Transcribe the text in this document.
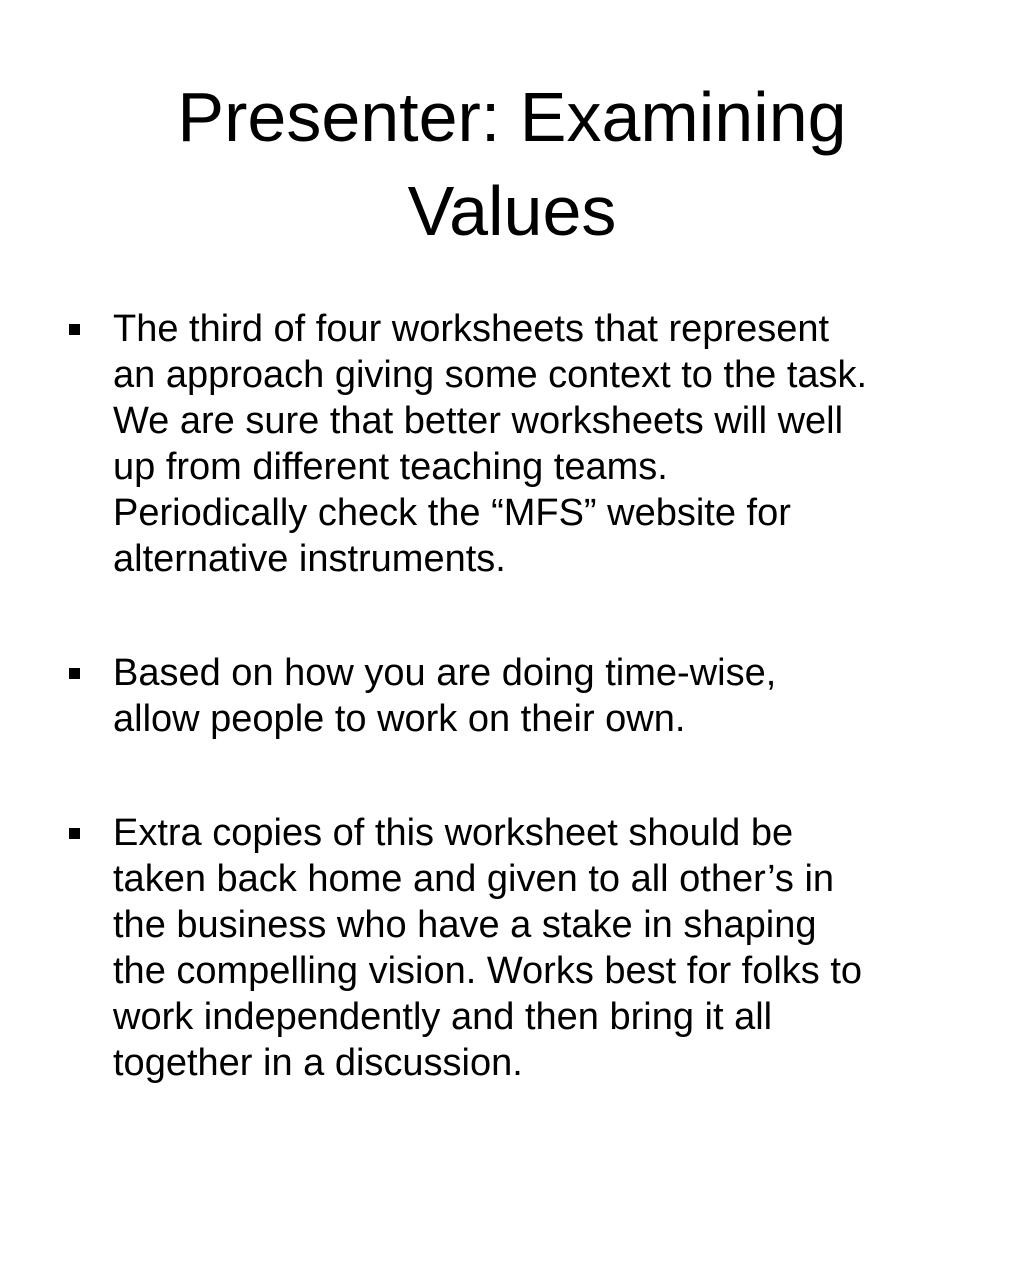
Presenter: Examining
Values
The third of four worksheets that represent
an approach giving some context to the task.
We are sure that better worksheets will well
up from different teaching teams.
Periodically check the “MFS” website for
alternative instruments.
Based on how you are doing time-wise,
allow people to work on their own.
Extra copies of this worksheet should be
taken back home and given to all other’s in
the business who have a stake in shaping
the compelling vision. Works best for folks to
work independently and then bring it all
together in a discussion.
